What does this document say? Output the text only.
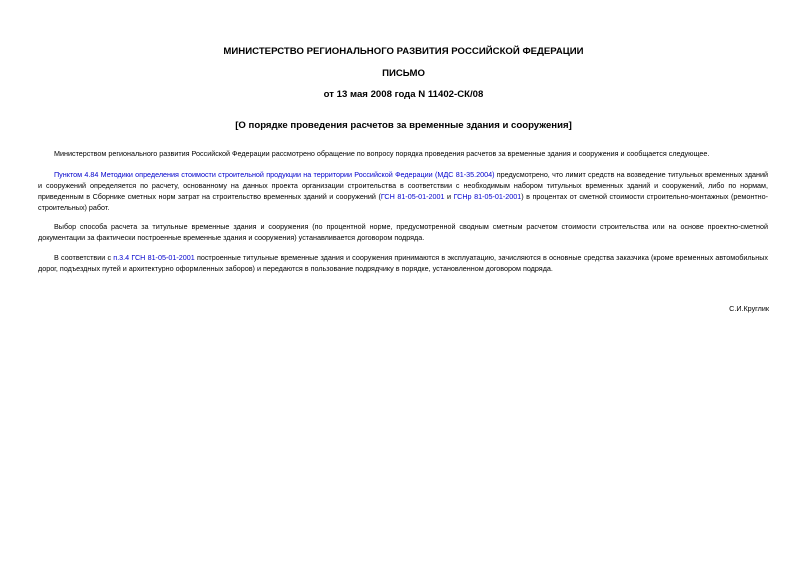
МИНИСТЕРСТВО РЕГИОНАЛЬНОГО РАЗВИТИЯ РОССИЙСКОЙ ФЕДЕРАЦИИ
ПИСЬМО
от 13 мая 2008 года N 11402-СК/08
[О порядке проведения расчетов за временные здания и сооружения]

Министерством регионального развития Российской Федерации рассмотрено обращение по вопросу порядка проведения расчетов за временные здания и сооружения и сообщается следующее.

Пунктом 4.84 Методики определения стоимости строительной продукции на территории Российской Федерации (МДС 81-35.2004) предусмотрено, что лимит средств на возведение титульных временных зданий и сооружений определяется по расчету, основанному на данных проекта организации строительства в соответствии с необходимым набором титульных временных зданий и сооружений, либо по нормам, приведенным в Сборнике сметных норм затрат на строительство временных зданий и сооружений (ГСН 81-05-01-2001 и ГСНр 81-05-01-2001) в процентах от сметной стоимости строительно-монтажных (ремонтно-строительных) работ.

Выбор способа расчета за титульные временные здания и сооружения (по процентной норме, предусмотренной сводным сметным расчетом стоимости строительства или на основе проектно-сметной документации за фактически построенные временные здания и сооружения) устанавливается договором подряда.

В соответствии с п.3.4 ГСН 81-05-01-2001 построенные титульные временные здания и сооружения принимаются в эксплуатацию, зачисляются в основные средства заказчика (кроме временных автомобильных дорог, подъездных путей и архитектурно оформленных заборов) и передаются в пользование подрядчику в порядке, установленном договором подряда.

С.И.Круглик
